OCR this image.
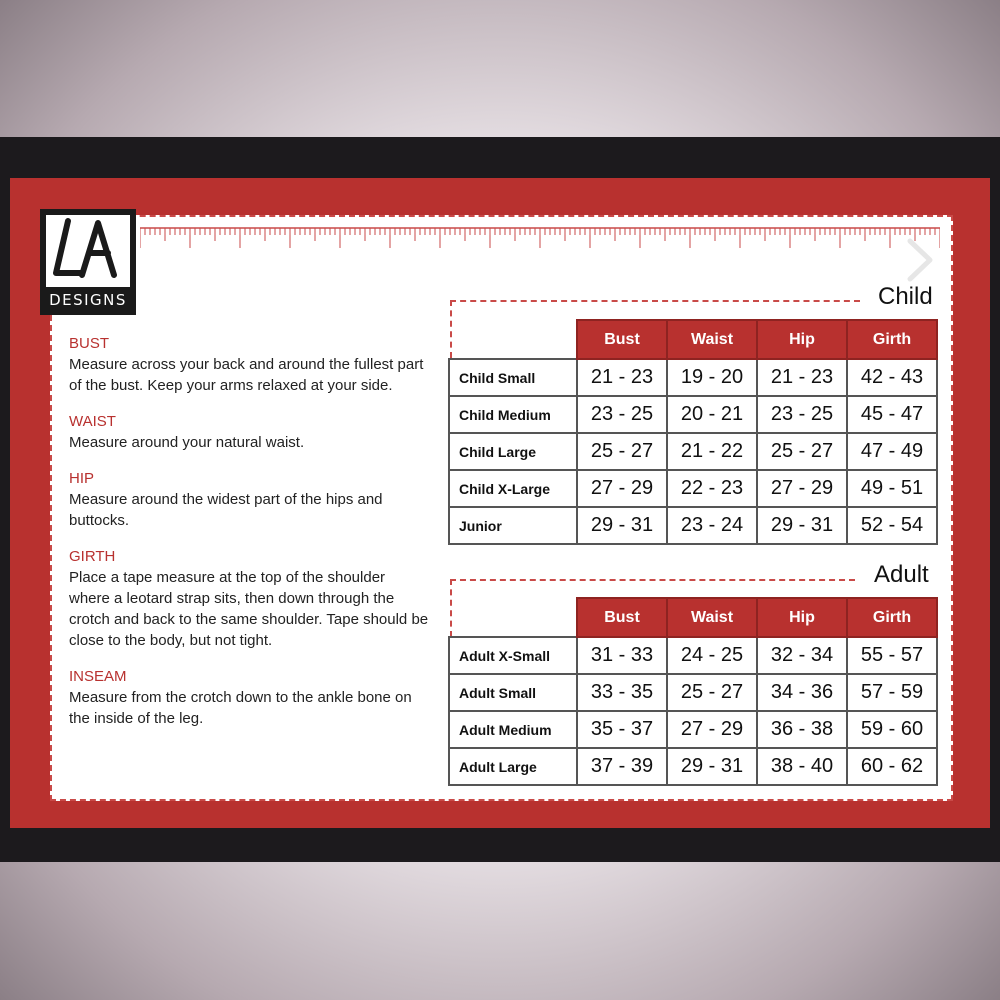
DESIGNS
BUST
Measure across your back and around the fullest part of the bust. Keep your arms relaxed at your side.
WAIST
Measure around your natural waist.
HIP
Measure around the widest part of the hips and buttocks.
GIRTH
Place a tape measure at the top of the shoulder where a leotard strap sits, then down through the crotch and back to the same shoulder. Tape should be close to the body, but not tight.
INSEAM
Measure from the crotch down to the ankle bone on the inside of the leg.
Child
	Bust	Waist	Hip	Girth
Child Small	21 - 23	19 - 20	21 - 23	42 - 43
Child Medium	23 - 25	20 - 21	23 - 25	45 - 47
Child Large	25 - 27	21 - 22	25 - 27	47 - 49
Child X-Large	27 - 29	22 - 23	27 - 29	49 - 51
Junior	29 - 31	23 - 24	29 - 31	52 - 54
Adult
	Bust	Waist	Hip	Girth
Adult X-Small	31 - 33	24 - 25	32 - 34	55 - 57
Adult Small	33 - 35	25 - 27	34 - 36	57 - 59
Adult Medium	35 - 37	27 - 29	36 - 38	59 - 60
Adult Large	37 - 39	29 - 31	38 - 40	60 - 62
